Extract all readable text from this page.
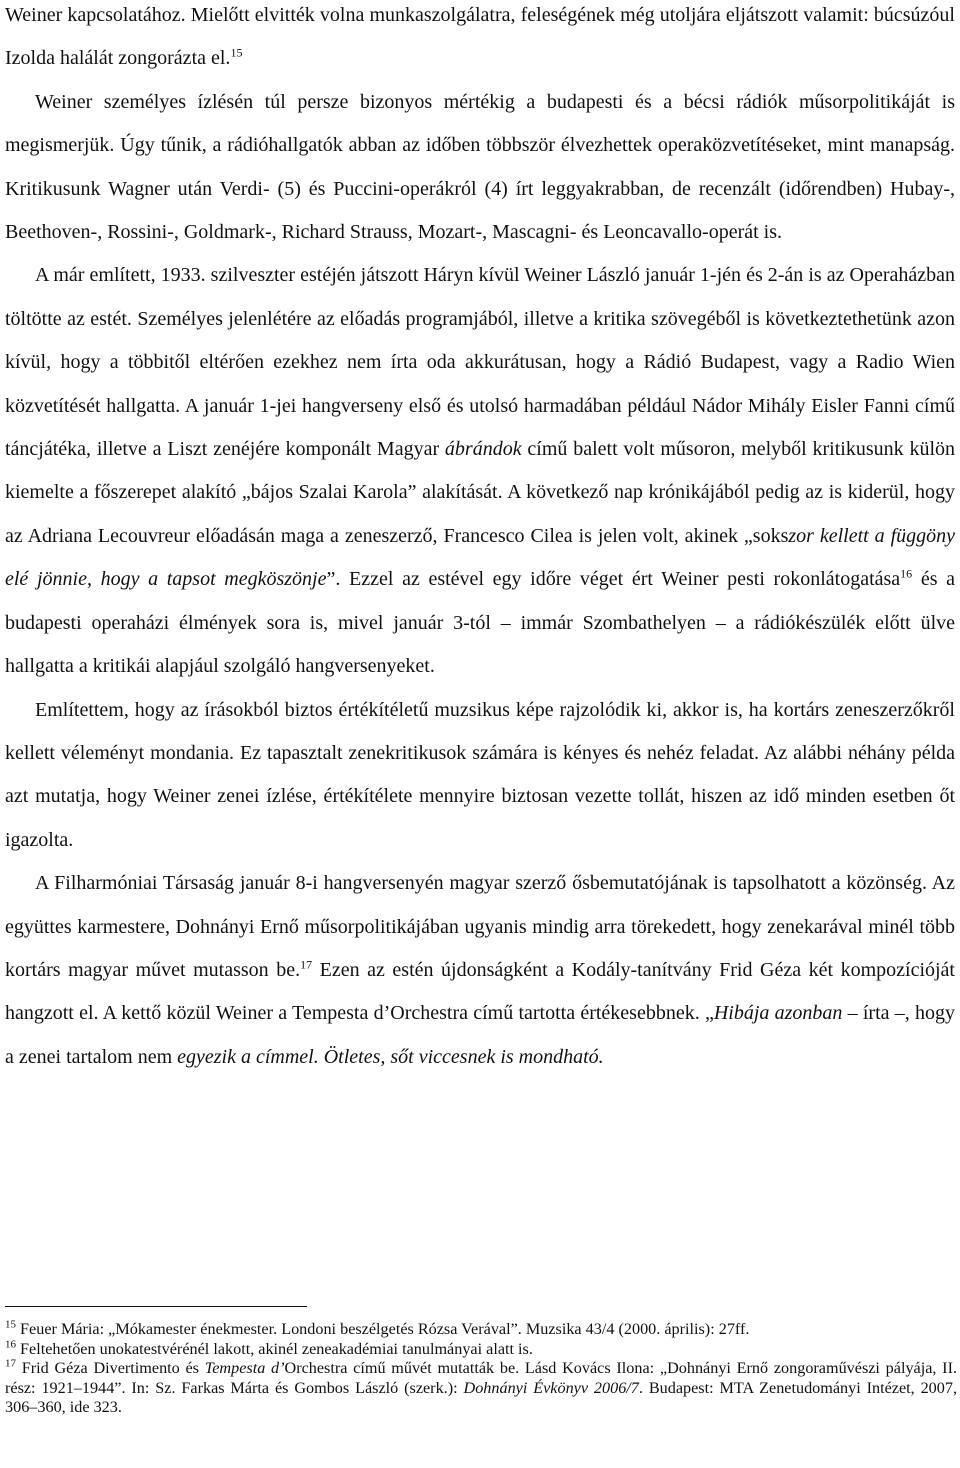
Weiner kapcsolatához. Mielőtt elvitték volna munkaszolgálatra, feleségének még utoljára eljátszott valamit: búcsúzóul Izolda halálát zongorázta el.$^{15}$

Weiner személyes ízlésén túl persze bizonyos mértékig a budapesti és a bécsi rádiók műsorpolitikáját is megismerjük. Úgy tűnik, a rádióhallgatók abban az időben többször élvezhettek operaközvetítéseket, mint manapság. Kritikusunk Wagner után Verdi- (5) és Puccini-operákról (4) írt leggyakrabban, de recenzált (időrendben) Hubay-, Beethoven-, Rossini-, Goldmark-, Richard Strauss, Mozart-, Mascagni- és Leoncavallo-operát is.

A már említett, 1933. szilveszter estéjén játszott Háryn kívül Weiner László január 1-jén és 2-án is az Operaházban töltötte az estét. Személyes jelenlétére az előadás programjából, illetve a kritika szövegéből is következtethetünk azon kívül, hogy a többitől eltérően ezekhez nem írta oda akkurátusan, hogy a Rádió Budapest, vagy a Radio Wien közvetítését hallgatta. A január 1-jei hangverseny első és utolsó harmadában például Nádor Mihály Eisler Fanni című táncjátéka, illetve a Liszt zenéjére komponált Magyar ábrándok című balett volt műsoron, melyből kritikusunk külön kiemelte a főszerepet alakító „bájos Szalai Karola” alakítását. A következő nap krónikájából pedig az is kiderül, hogy az Adriana Lecouvreur előadásán maga a zeneszerző, Francesco Cilea is jelen volt, akinek „sokszor kellett a függöny elé jönnie, hogy a tapsot megköszönje”. Ezzel az estével egy időre véget ért Weiner pesti rokonlátogatása$^{16}$ és a budapesti operaházi élmények sora is, mivel január 3-tól – immár Szombathelyen – a rádiókészülék előtt ülve hallgatta a kritikái alapjául szolgáló hangversenyeket.

Említettem, hogy az írásokból biztos értékítéletű muzsikus képe rajzolódik ki, akkor is, ha kortárs zeneszerzőkről kellett véleményt mondania. Ez tapasztalt zenekritikusok számára is kényes és nehéz feladat. Az alábbi néhány példa azt mutatja, hogy Weiner zenei ízlése, értékítélete mennyire biztosan vezette tollát, hiszen az idő minden esetben őt igazolta.

A Filharmóniai Társaság január 8-i hangversenyén magyar szerző ősbemutatójának is tapsolhatott a közönség. Az együttes karmestere, Dohnányi Ernő műsorpolitikájában ugyanis mindig arra törekedett, hogy zenekarával minél több kortárs magyar művet mutasson be.$^{17}$ Ezen az estén újdonságként a Kodály-tanítvány Frid Géza két kompozícióját hangzott el. A kettő közül Weiner a Tempesta d’Orchestra című tartotta értékesebbnek. „Hibája azonban – írta –, hogy a zenei tartalom nem egyezik a címmel. Ötletes, sőt viccesnek is mondható.

$^{15}$ Feuer Mária: „Mókamester énekmester. Londoni beszélgetés Rózsa Verával”. Muzsika 43/4 (2000. április): 27ff.

$^{16}$ Feltehetően unokatestvérénél lakott, akinél zeneakadémiai tanulmányai alatt is.

$^{17}$ Frid Géza Divertimento és Tempesta d’Orchestra című művét mutatták be. Lásd Kovács Ilona: „Dohnányi Ernő zongoraművészi pályája, II. rész: 1921–1944”. In: Sz. Farkas Márta és Gombos László (szerk.): Dohnányi Évkönyv 2006/7. Budapest: MTA Zenetudományi Intézet, 2007, 306–360, ide 323.
